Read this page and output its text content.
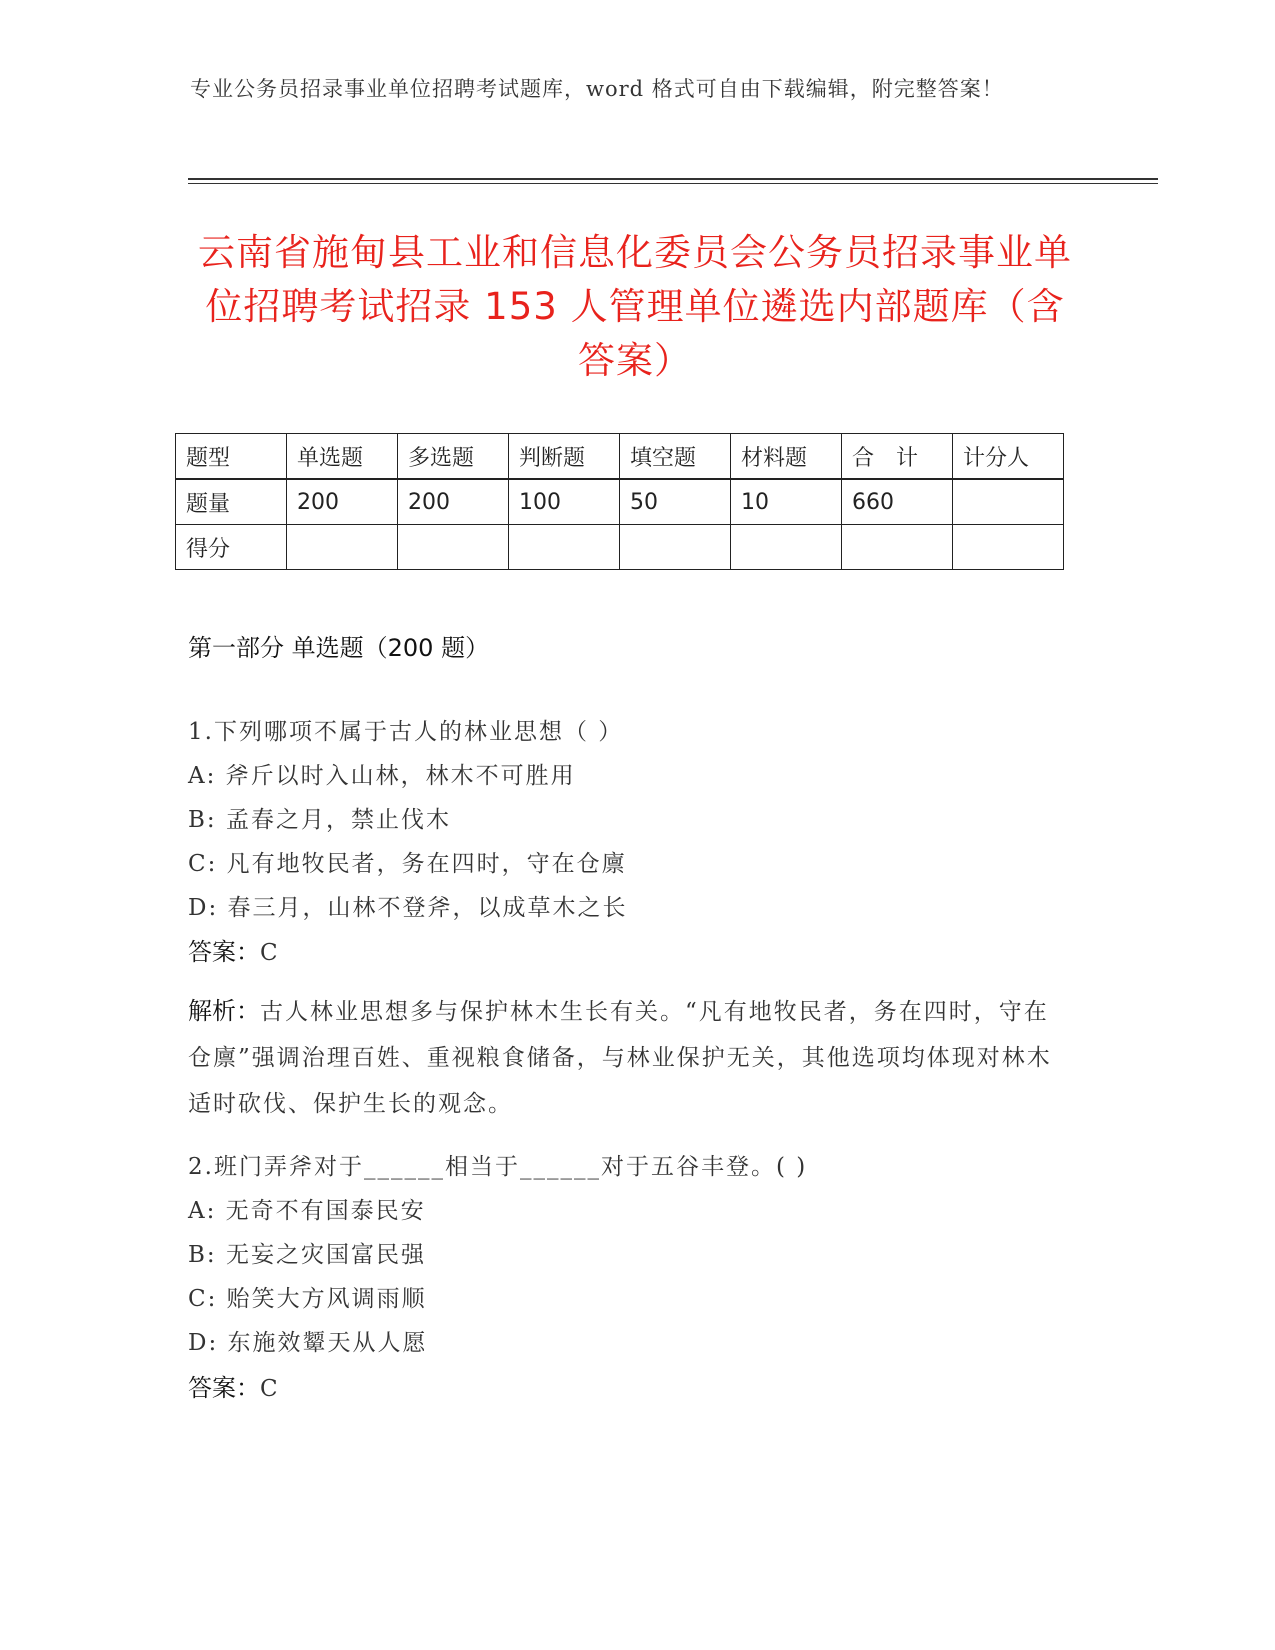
专业公务员招录事业单位招聘考试题库，word 格式可自由下载编辑，附完整答案！
云南省施甸县工业和信息化委员会公务员招录事业单位招聘考试招录 153 人管理单位遴选内部题库（含答案）
题型	单选题	多选题	判断题	填空题	材料题	合　计	计分人
题量	200	200	100	50	10	660	
得分							
第一部分 单选题（200 题）
1.下列哪项不属于古人的林业思想（ ）
A: 斧斤以时入山林，林木不可胜用
B: 孟春之月，禁止伐木
C: 凡有地牧民者，务在四时，守在仓廪
D: 春三月，山林不登斧，以成草木之长
答案：C
解析：古人林业思想多与保护林木生长有关。“凡有地牧民者，务在四时，守在仓廪”强调治理百姓、重视粮食储备，与林业保护无关，其他选项均体现对林木适时砍伐、保护生长的观念。
2.班门弄斧对于______相当于______对于五谷丰登。( )
A: 无奇不有国泰民安
B: 无妄之灾国富民强
C: 贻笑大方风调雨顺
D: 东施效颦天从人愿
答案：C
